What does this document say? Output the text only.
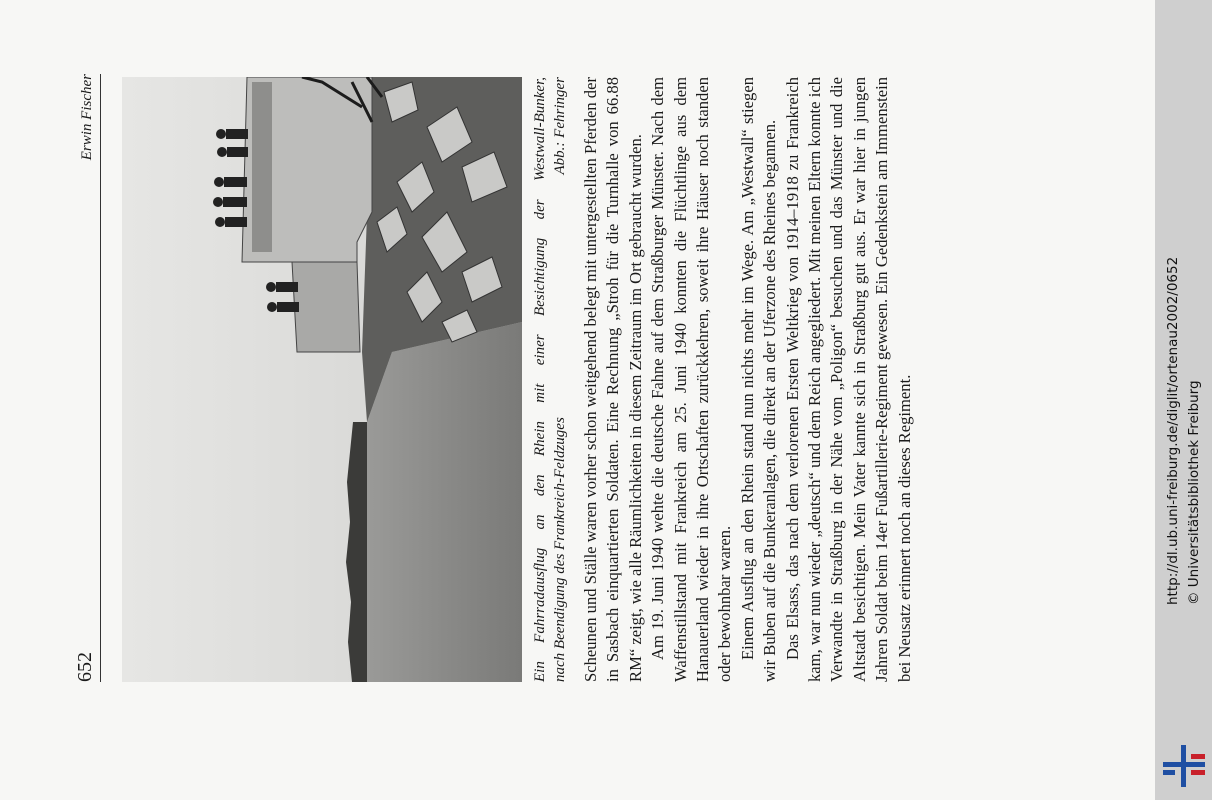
652
Erwin Fischer	Ein Fahrradausflug an den Rhein mit einer Besichtigung der Westwall-Bunker, nach Beendigung des Frankreich-Feldzuges
Abb.: Fehringer Scheunen und Ställe waren vorher schon weitgehend belegt mit untergestellten Pferden der in Sasbach einquartierten Soldaten. Eine Rechnung „Stroh für die Turnhalle von 66.88 RM“ zeigt, wie alle Räumlichkeiten in diesem Zeitraum im Ort gebraucht wurden. Am 19. Juni 1940 wehte die deutsche Fahne auf dem Straßburger Münster. Nach dem Waffenstillstand mit Frankreich am 25. Juni 1940 konnten die Flüchtlinge aus dem Hanauerland wieder in ihre Ortschaften zurückkehren, soweit ihre Häuser noch standen oder bewohnbar waren. Einem Ausflug an den Rhein stand nun nichts mehr im Wege. Am „Westwall“ stiegen wir Buben auf die Bunkeranlagen, die direkt an der Uferzone des Rheines begannen. Das Elsass, das nach dem verlorenen Ersten Weltkrieg von 1914–1918 zu Frankreich kam, war nun wieder „deutsch“ und dem Reich angegliedert. Mit meinen Eltern konnte ich Verwandte in Straßburg in der Nähe vom „Poligon“ besuchen und das Münster und die Altstadt besichtigen. Mein Vater kannte sich in Straßburg gut aus. Er war hier in jungen Jahren Soldat beim 14er Fußartillerie-Regiment gewesen. Ein Gedenkstein am Immenstein bei Neusatz erinnert noch an dieses Regiment.	http://dl.ub.uni-freiburg.de/diglit/ortenau2002/0652 © Universitätsbibliothek Freiburg
